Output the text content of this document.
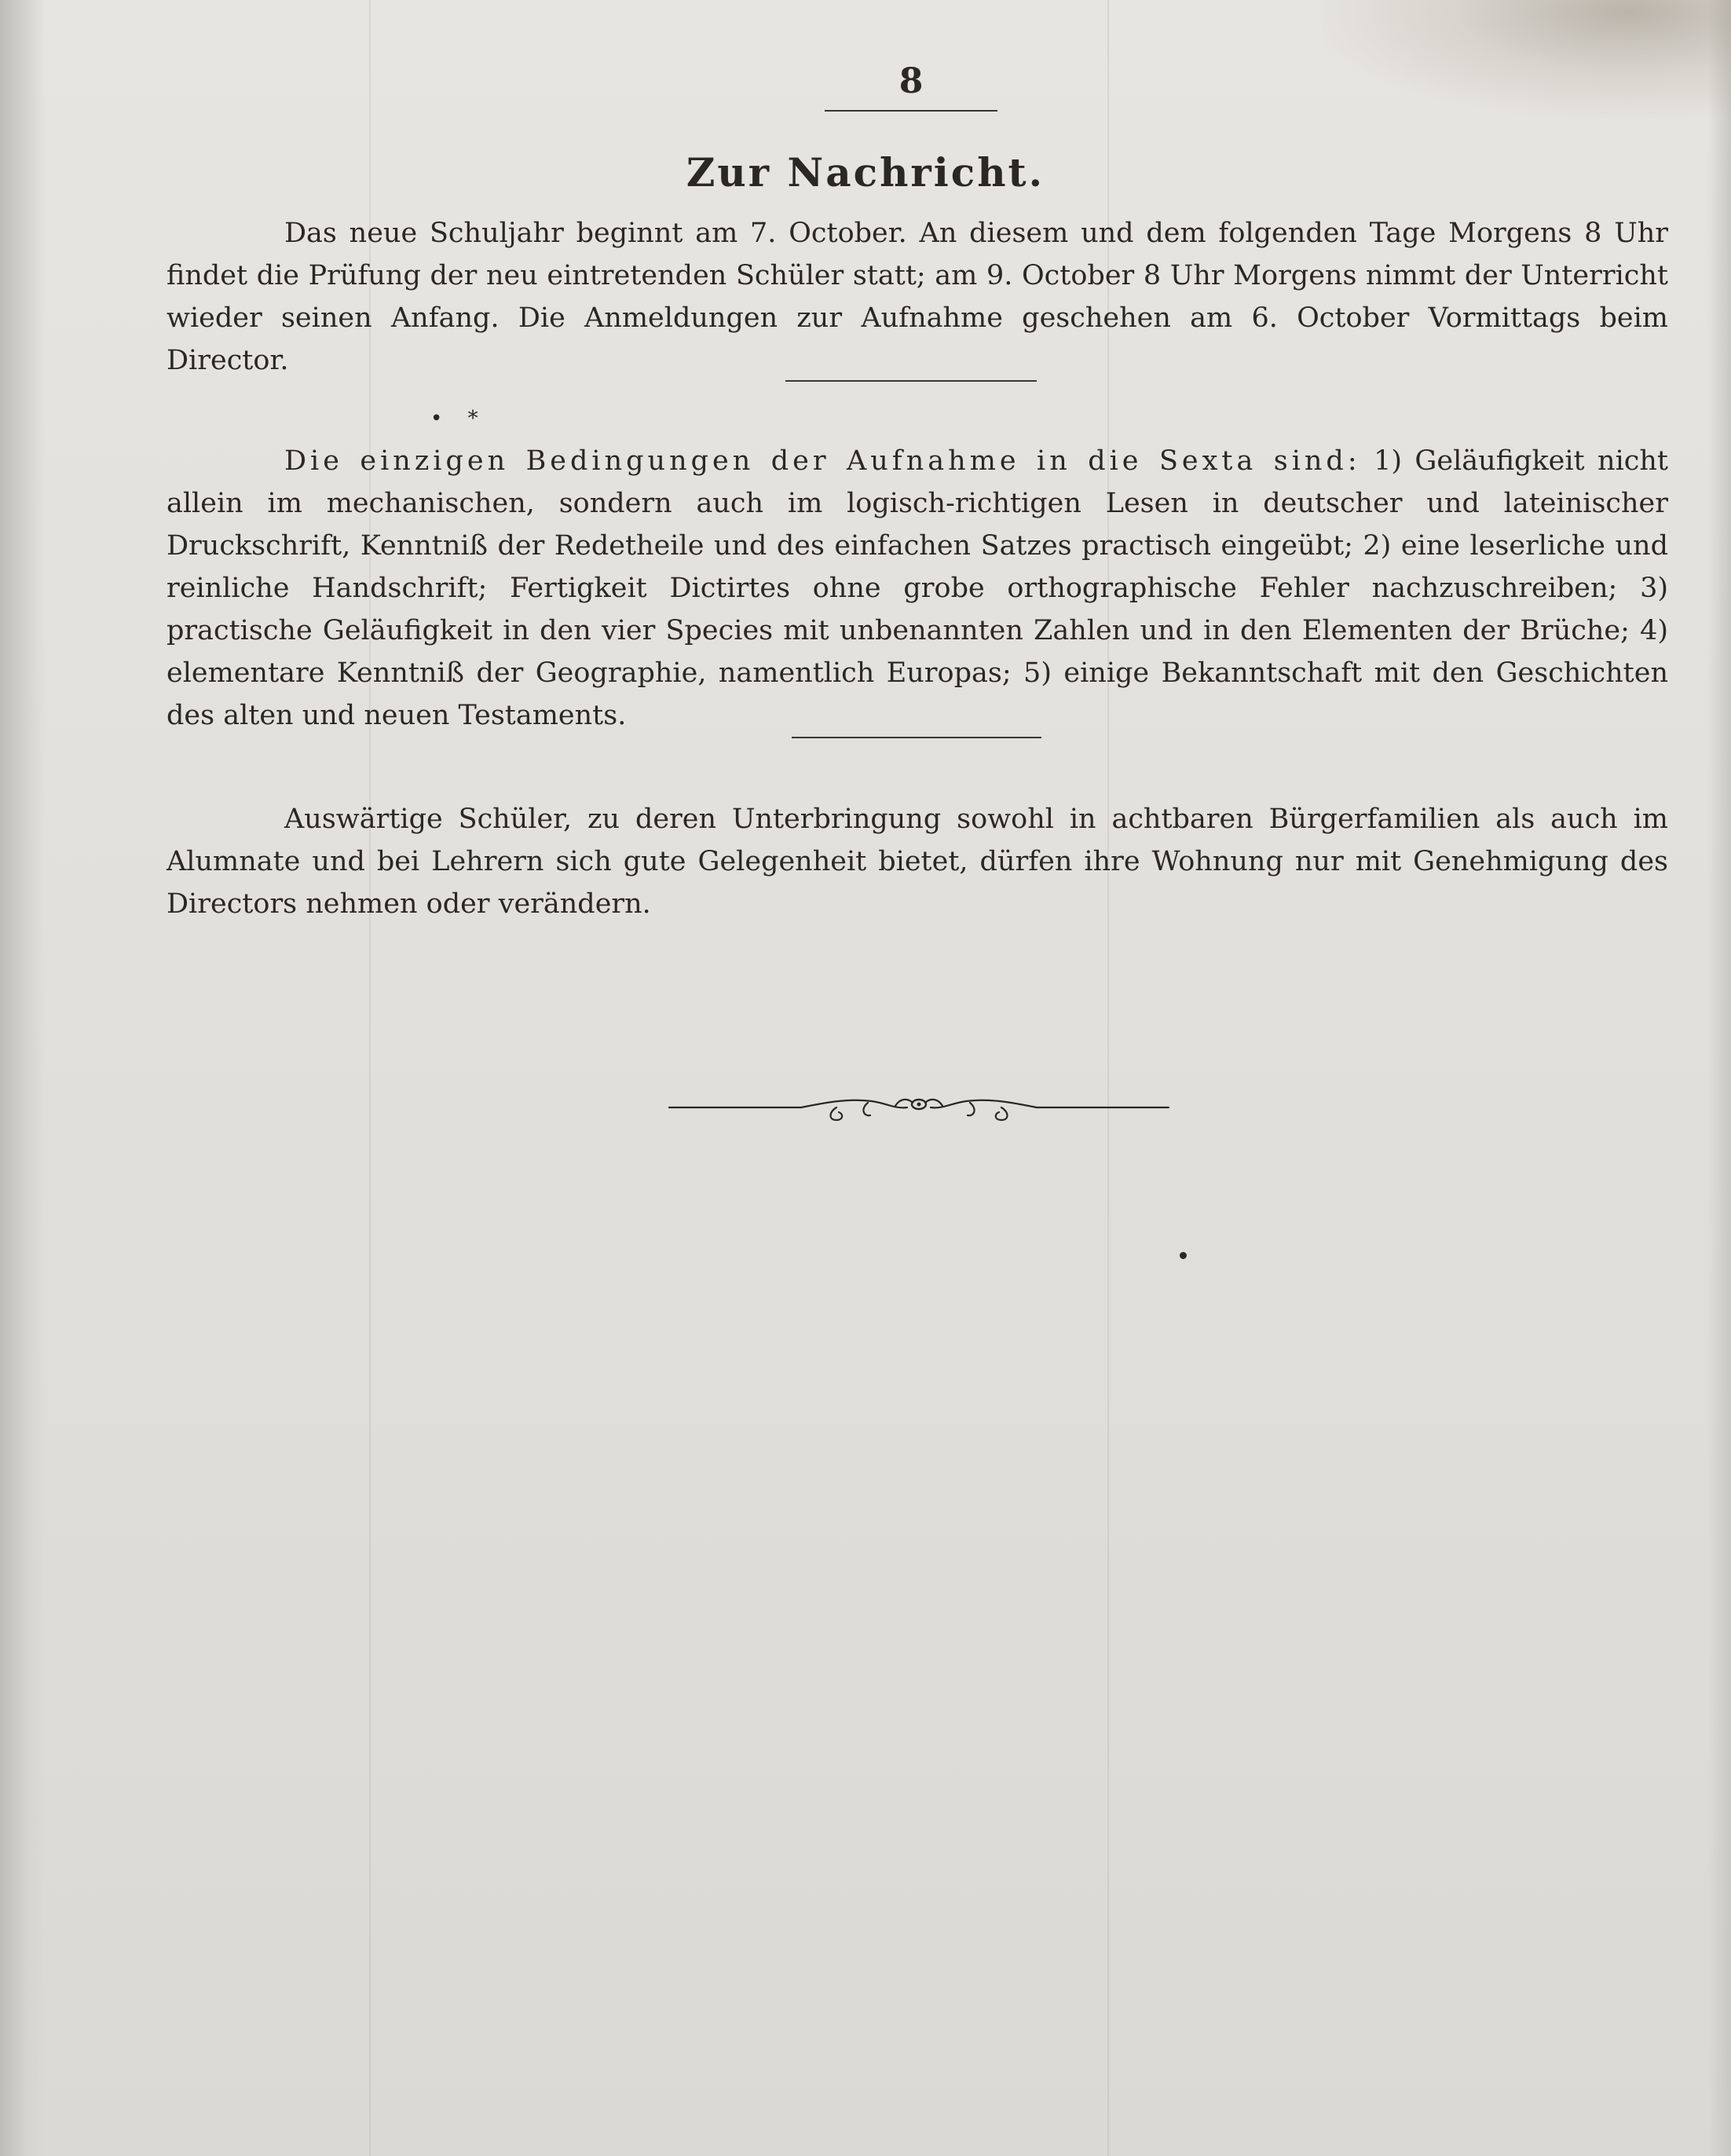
8
Zur Nachricht.
Das neue Schuljahr beginnt am 7. October. An diesem und dem folgenden Tage Morgens 8 Uhr findet die Prüfung der neu eintretenden Schüler statt; am 9. October 8 Uhr Morgens nimmt der Unterricht wieder seinen Anfang. Die Anmeldungen zur Aufnahme geschehen am 6. October Vormittags beim Director.
• *
Die einzigen Bedingungen der Aufnahme in die Sexta sind: 1) Geläufigkeit nicht allein im mechanischen, sondern auch im logisch-richtigen Lesen in deutscher und lateinischer Druckschrift, Kenntniß der Redetheile und des einfachen Satzes practisch eingeübt; 2) eine leserliche und reinliche Handschrift; Fertigkeit Dictirtes ohne grobe orthographische Fehler nachzuschreiben; 3) practische Geläufigkeit in den vier Species mit unbenannten Zahlen und in den Elementen der Brüche; 4) elementare Kenntniß der Geographie, namentlich Europas; 5) einige Bekanntschaft mit den Geschichten des alten und neuen Testaments.
Auswärtige Schüler, zu deren Unterbringung sowohl in achtbaren Bürgerfamilien als auch im Alumnate und bei Lehrern sich gute Gelegenheit bietet, dürfen ihre Wohnung nur mit Genehmigung des Directors nehmen oder verändern.
